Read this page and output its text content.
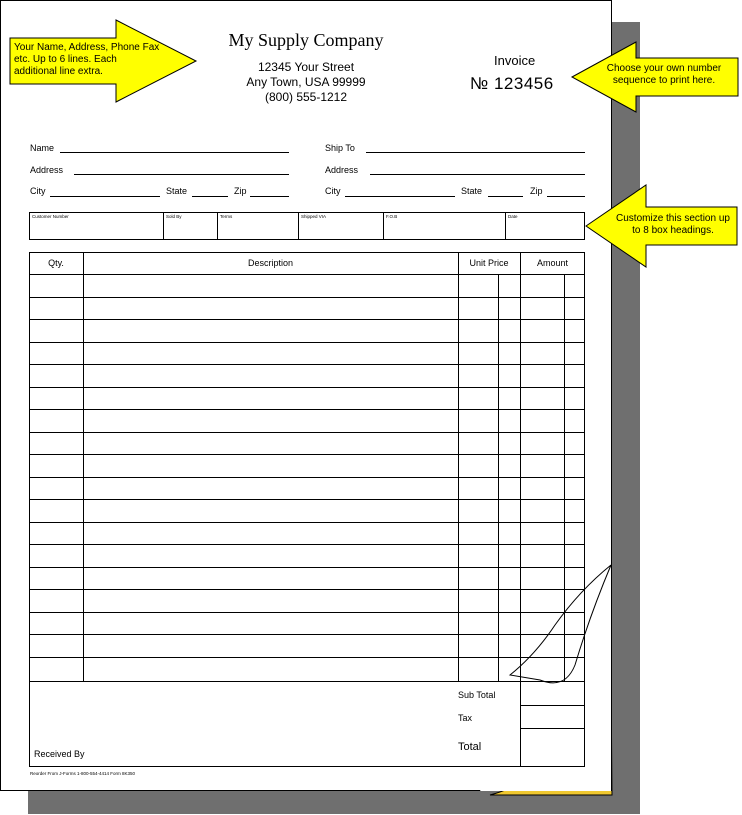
My Supply Company
12345 Your Street
Any Town, USA 99999
(800) 555-1212
Invoice
№ 123456
Name	Ship To
Address	Address
City	State	Zip	City	State	Zip
Customer Number	Sold By	Terms	Shipped VIA	F.O.B	Date
Qty.	Description	Unit Price	Amount
Sub Total
Tax
Total
Received By
Reorder From J-Forms 1-800-554-4414 Form 8K350
Your Name, Address, Phone Fax etc. Up to 6 lines. Each additional line extra.	Choose your own number sequence to print here.
Customize this section up to 8 box headings.
